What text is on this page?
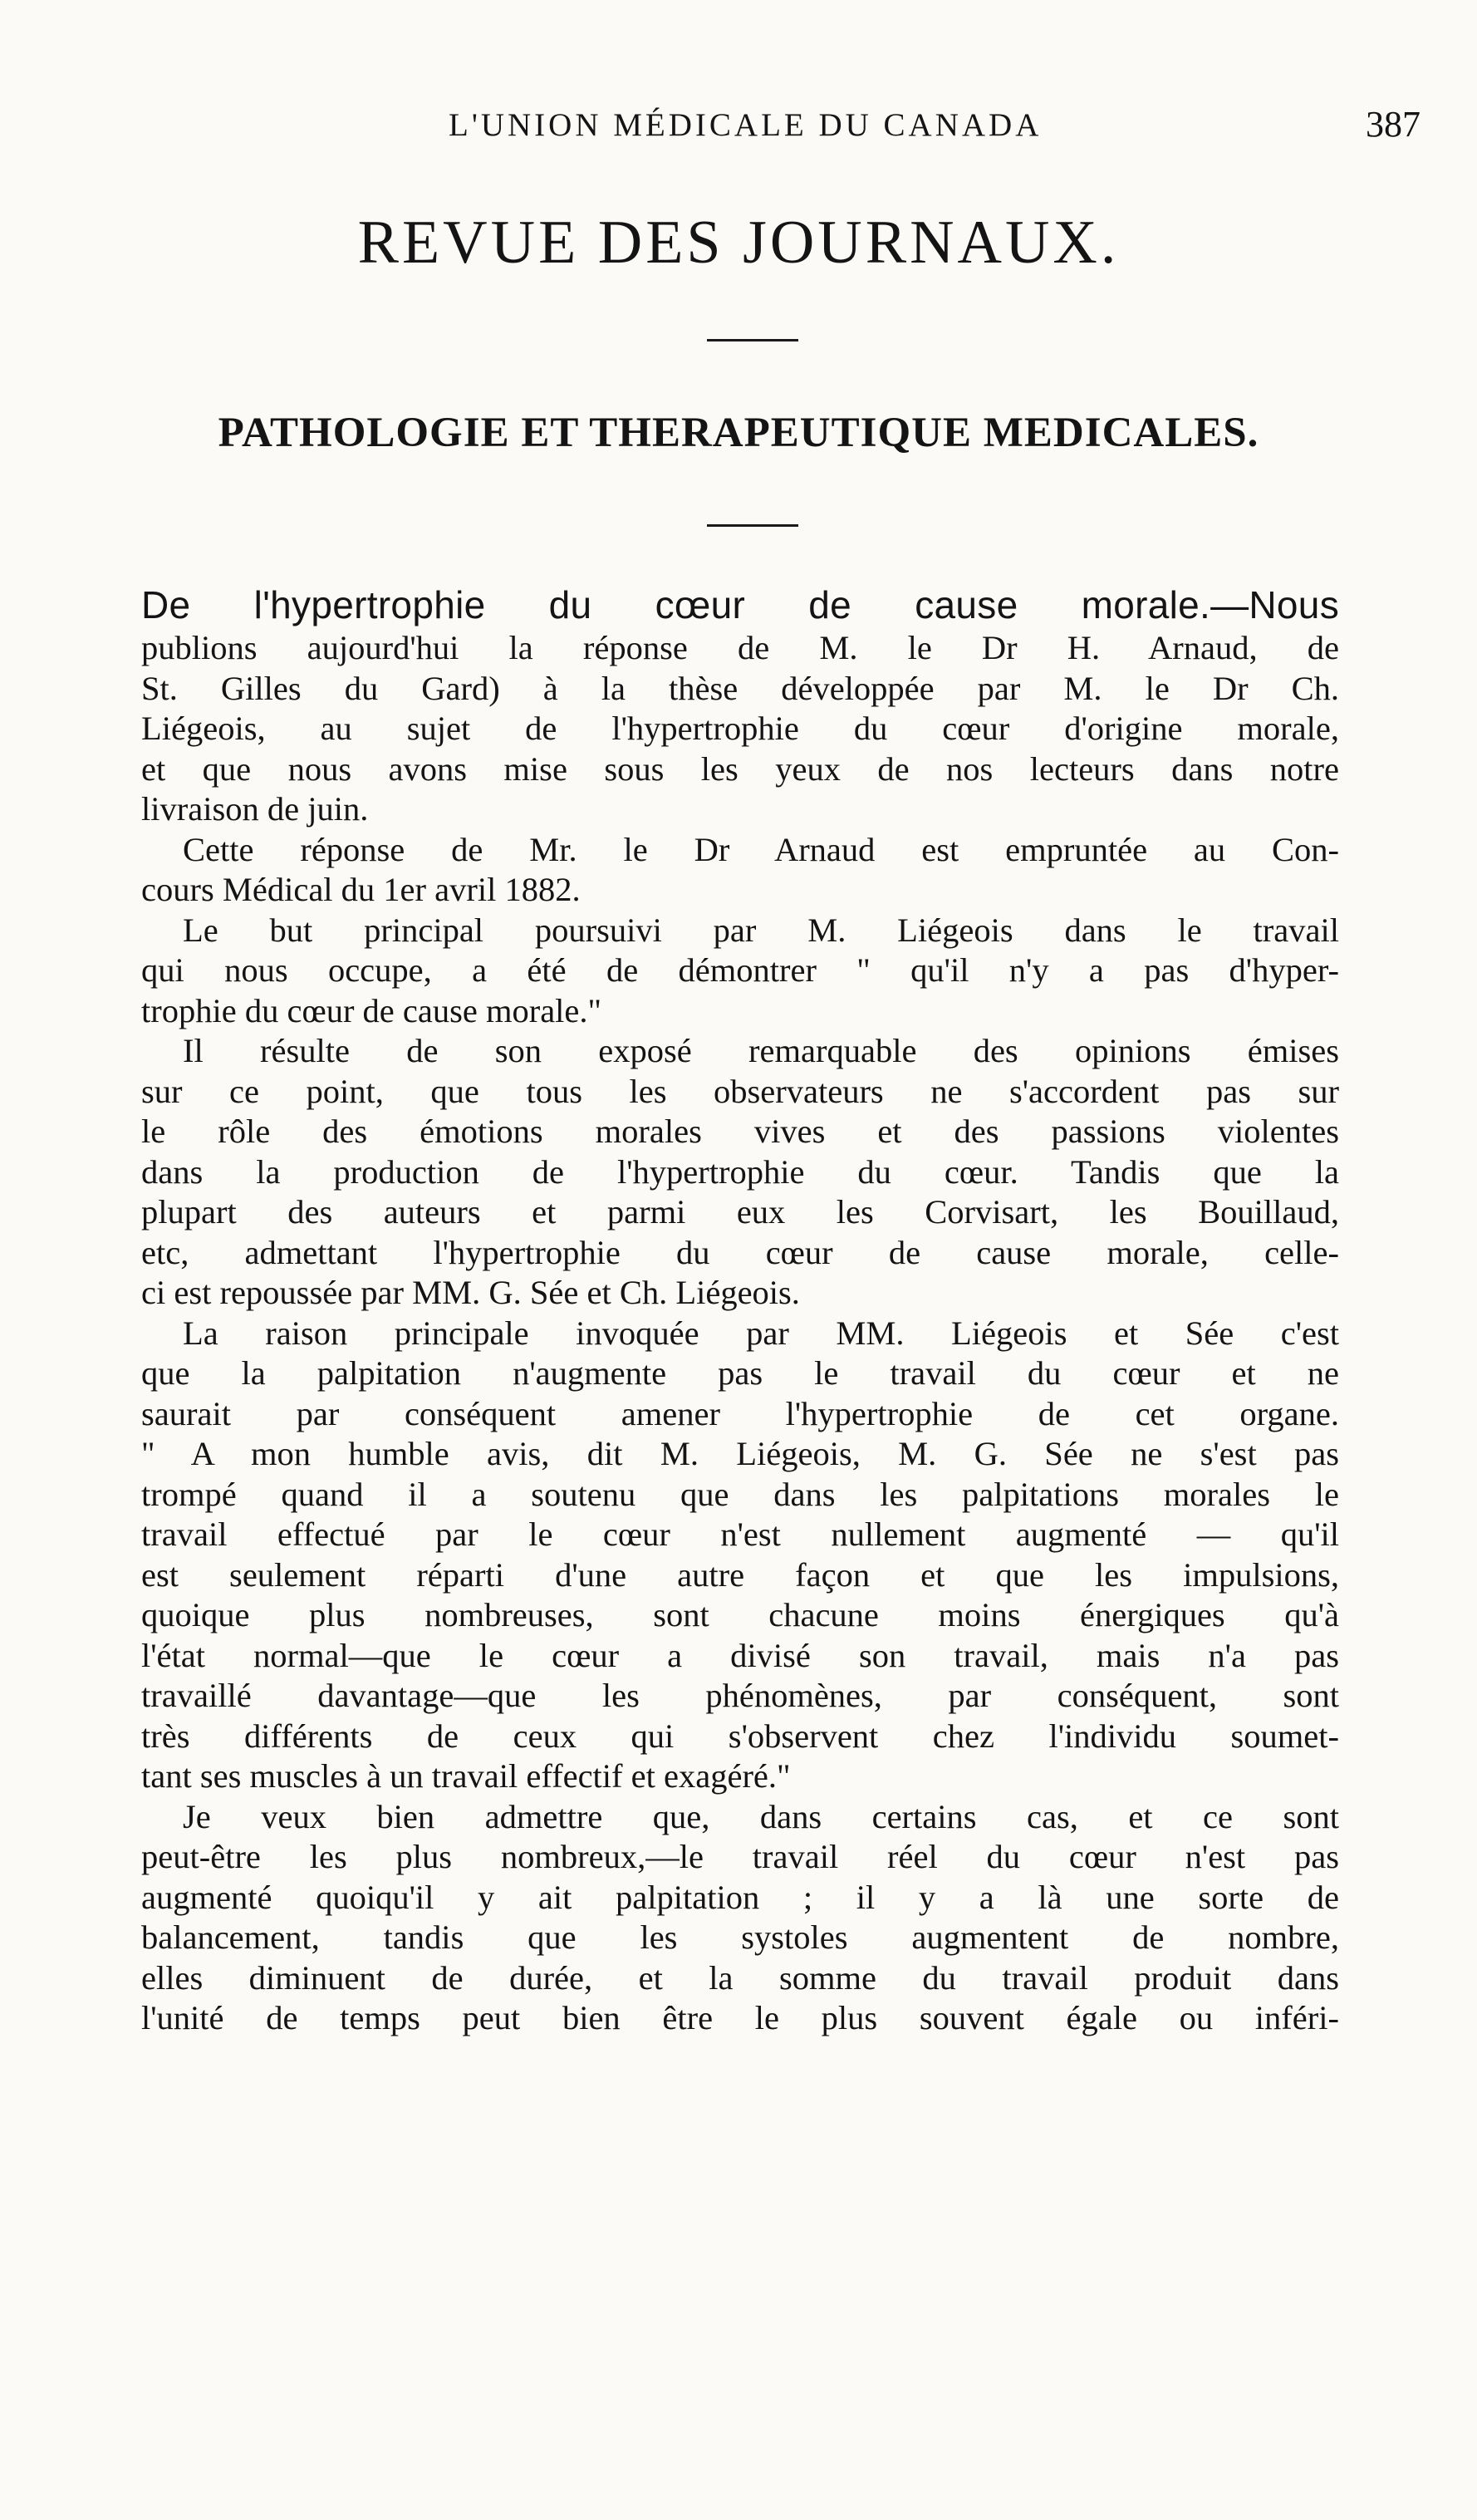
L'UNION MÉDICALE DU CANADA	387
REVUE DES JOURNAUX.
PATHOLOGIE ET THERAPEUTIQUE MEDICALES.
De l'hypertrophie du cœur de cause morale.—Nous
publions aujourd'hui la réponse de M. le Dr H. Arnaud, de
St. Gilles du Gard) à la thèse développée par M. le Dr Ch.
Liégeois, au sujet de l'hypertrophie du cœur d'origine morale,
et que nous avons mise sous les yeux de nos lecteurs dans notre
livraison de juin.
Cette réponse de Mr. le Dr Arnaud est empruntée au Con-
cours Médical du 1er avril 1882.
Le but principal poursuivi par M. Liégeois dans le travail
qui nous occupe, a été de démontrer " qu'il n'y a pas d'hyper-
trophie du cœur de cause morale."
Il résulte de son exposé remarquable des opinions émises
sur ce point, que tous les observateurs ne s'accordent pas sur
le rôle des émotions morales vives et des passions violentes
dans la production de l'hypertrophie du cœur. Tandis que la
plupart des auteurs et parmi eux les Corvisart, les Bouillaud,
etc, admettant l'hypertrophie du cœur de cause morale, celle-
ci est repoussée par MM. G. Sée et Ch. Liégeois.
La raison principale invoquée par MM. Liégeois et Sée c'est
que la palpitation n'augmente pas le travail du cœur et ne
saurait par conséquent amener l'hypertrophie de cet organe.
" A mon humble avis, dit M. Liégeois, M. G. Sée ne s'est pas
trompé quand il a soutenu que dans les palpitations morales le
travail effectué par le cœur n'est nullement augmenté — qu'il
est seulement réparti d'une autre façon et que les impulsions,
quoique plus nombreuses, sont chacune moins énergiques qu'à
l'état normal—que le cœur a divisé son travail, mais n'a pas
travaillé davantage—que les phénomènes, par conséquent, sont
très différents de ceux qui s'observent chez l'individu soumet-
tant ses muscles à un travail effectif et exagéré."
Je veux bien admettre que, dans certains cas, et ce sont
peut-être les plus nombreux,—le travail réel du cœur n'est pas
augmenté quoiqu'il y ait palpitation ; il y a là une sorte de
balancement, tandis que les systoles augmentent de nombre,
elles diminuent de durée, et la somme du travail produit dans
l'unité de temps peut bien être le plus souvent égale ou inféri-
